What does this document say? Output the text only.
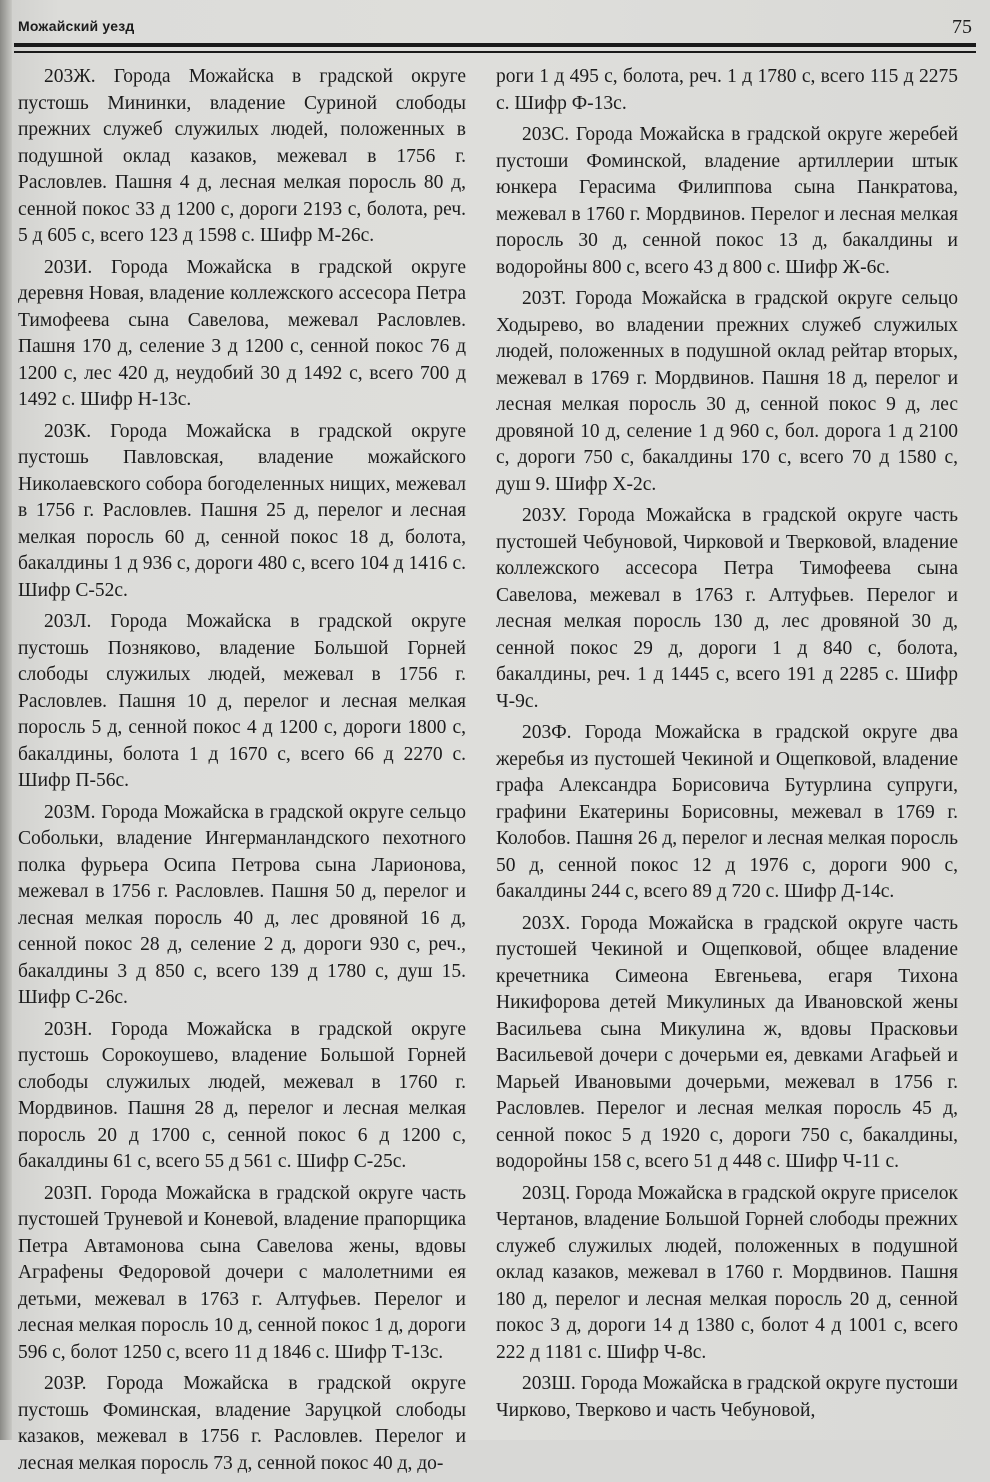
Можайский уезд	75

203Ж. Города Можайска в градской округе пустошь Мининки, владение Суриной слободы прежних служеб служилых людей, положенных в подушной оклад казаков, межевал в 1756 г. Расловлев. Пашня 4 д, лесная мелкая поросль 80 д, сенной покос 33 д 1200 с, дороги 2193 с, болота, реч. 5 д 605 с, всего 123 д 1598 с. Шифр М-26с.

203И. Города Можайска в градской округе деревня Новая, владение коллежского ассесора Петра Тимофеева сына Савелова, межевал Расловлев. Пашня 170 д, селение 3 д 1200 с, сенной покос 76 д 1200 с, лес 420 д, неудобий 30 д 1492 с, всего 700 д 1492 с. Шифр Н-13с.

203К. Города Можайска в градской округе пустошь Павловская, владение можайского Николаевского собора богоделенных нищих, межевал в 1756 г. Расловлев. Пашня 25 д, перелог и лесная мелкая поросль 60 д, сенной покос 18 д, болота, бакалдины 1 д 936 с, дороги 480 с, всего 104 д 1416 с. Шифр С-52с.

203Л. Города Можайска в градской округе пустошь Позняково, владение Большой Горней слободы служилых людей, межевал в 1756 г. Расловлев. Пашня 10 д, перелог и лесная мелкая поросль 5 д, сенной покос 4 д 1200 с, дороги 1800 с, бакалдины, болота 1 д 1670 с, всего 66 д 2270 с. Шифр П-56с.

203М. Города Можайска в градской округе сельцо Собольки, владение Ингерманландского пехотного полка фурьера Осипа Петрова сына Ларионова, межевал в 1756 г. Расловлев. Пашня 50 д, перелог и лесная мелкая поросль 40 д, лес дровяной 16 д, сенной покос 28 д, селение 2 д, дороги 930 с, реч., бакалдины 3 д 850 с, всего 139 д 1780 с, душ 15. Шифр С-26с.

203Н. Города Можайска в градской округе пустошь Сорокоушево, владение Большой Горней слободы служилых людей, межевал в 1760 г. Мордвинов. Пашня 28 д, перелог и лесная мелкая поросль 20 д 1700 с, сенной покос 6 д 1200 с, бакалдины 61 с, всего 55 д 561 с. Шифр С-25с.

203П. Города Можайска в градской округе часть пустошей Труневой и Коневой, владение прапорщика Петра Автамонова сына Савелова жены, вдовы Аграфены Федоровой дочери с малолетними ея детьми, межевал в 1763 г. Алтуфьев. Перелог и лесная мелкая поросль 10 д, сенной покос 1 д, дороги 596 с, болот 1250 с, всего 11 д 1846 с. Шифр Т-13с.

203Р. Города Можайска в градской округе пустошь Фоминская, владение Заруцкой слободы казаков, межевал в 1756 г. Расловлев. Перелог и лесная мелкая поросль 73 д, сенной покос 40 д, до-

роги 1 д 495 с, болота, реч. 1 д 1780 с, всего 115 д 2275 с. Шифр Ф-13с.

203С. Города Можайска в градской округе жеребей пустоши Фоминской, владение артиллерии штык юнкера Герасима Филиппова сына Панкратова, межевал в 1760 г. Мордвинов. Перелог и лесная мелкая поросль 30 д, сенной покос 13 д, бакалдины и водоройны 800 с, всего 43 д 800 с. Шифр Ж-6с.

203Т. Города Можайска в градской округе сельцо Ходырево, во владении прежних служеб служилых людей, положенных в подушной оклад рейтар вторых, межевал в 1769 г. Мордвинов. Пашня 18 д, перелог и лесная мелкая поросль 30 д, сенной покос 9 д, лес дровяной 10 д, селение 1 д 960 с, бол. дорога 1 д 2100 с, дороги 750 с, бакалдины 170 с, всего 70 д 1580 с, душ 9. Шифр Х-2с.

203У. Города Можайска в градской округе часть пустошей Чебуновой, Чирковой и Тверковой, владение коллежского ассесора Петра Тимофеева сына Савелова, межевал в 1763 г. Алтуфьев. Перелог и лесная мелкая поросль 130 д, лес дровяной 30 д, сенной покос 29 д, дороги 1 д 840 с, болота, бакалдины, реч. 1 д 1445 с, всего 191 д 2285 с. Шифр Ч-9с.

203Ф. Города Можайска в градской округе два жеребья из пустошей Чекиной и Ощепковой, владение графа Александра Борисовича Бутурлина супруги, графини Екатерины Борисовны, межевал в 1769 г. Колобов. Пашня 26 д, перелог и лесная мелкая поросль 50 д, сенной покос 12 д 1976 с, дороги 900 с, бакалдины 244 с, всего 89 д 720 с. Шифр Д-14с.

203Х. Города Можайска в градской округе часть пустошей Чекиной и Ощепковой, общее владение кречетника Симеона Евгеньева, егаря Тихона Никифорова детей Микулиных да Ивановской жены Васильева сына Микулина ж, вдовы Прасковьи Васильевой дочери с дочерьми ея, девками Агафьей и Марьей Ивановыми дочерьми, межевал в 1756 г. Расловлев. Перелог и лесная мелкая поросль 45 д, сенной покос 5 д 1920 с, дороги 750 с, бакалдины, водоройны 158 с, всего 51 д 448 с. Шифр Ч-11 с.

203Ц. Города Можайска в градской округе приселок Чертанов, владение Большой Горней слободы прежних служеб служилых людей, положенных в подушной оклад казаков, межевал в 1760 г. Мордвинов. Пашня 180 д, перелог и лесная мелкая поросль 20 д, сенной покос 3 д, дороги 14 д 1380 с, болот 4 д 1001 с, всего 222 д 1181 с. Шифр Ч-8с.

203Ш. Города Можайска в градской округе пустоши Чирково, Тверково и часть Чебуновой,
